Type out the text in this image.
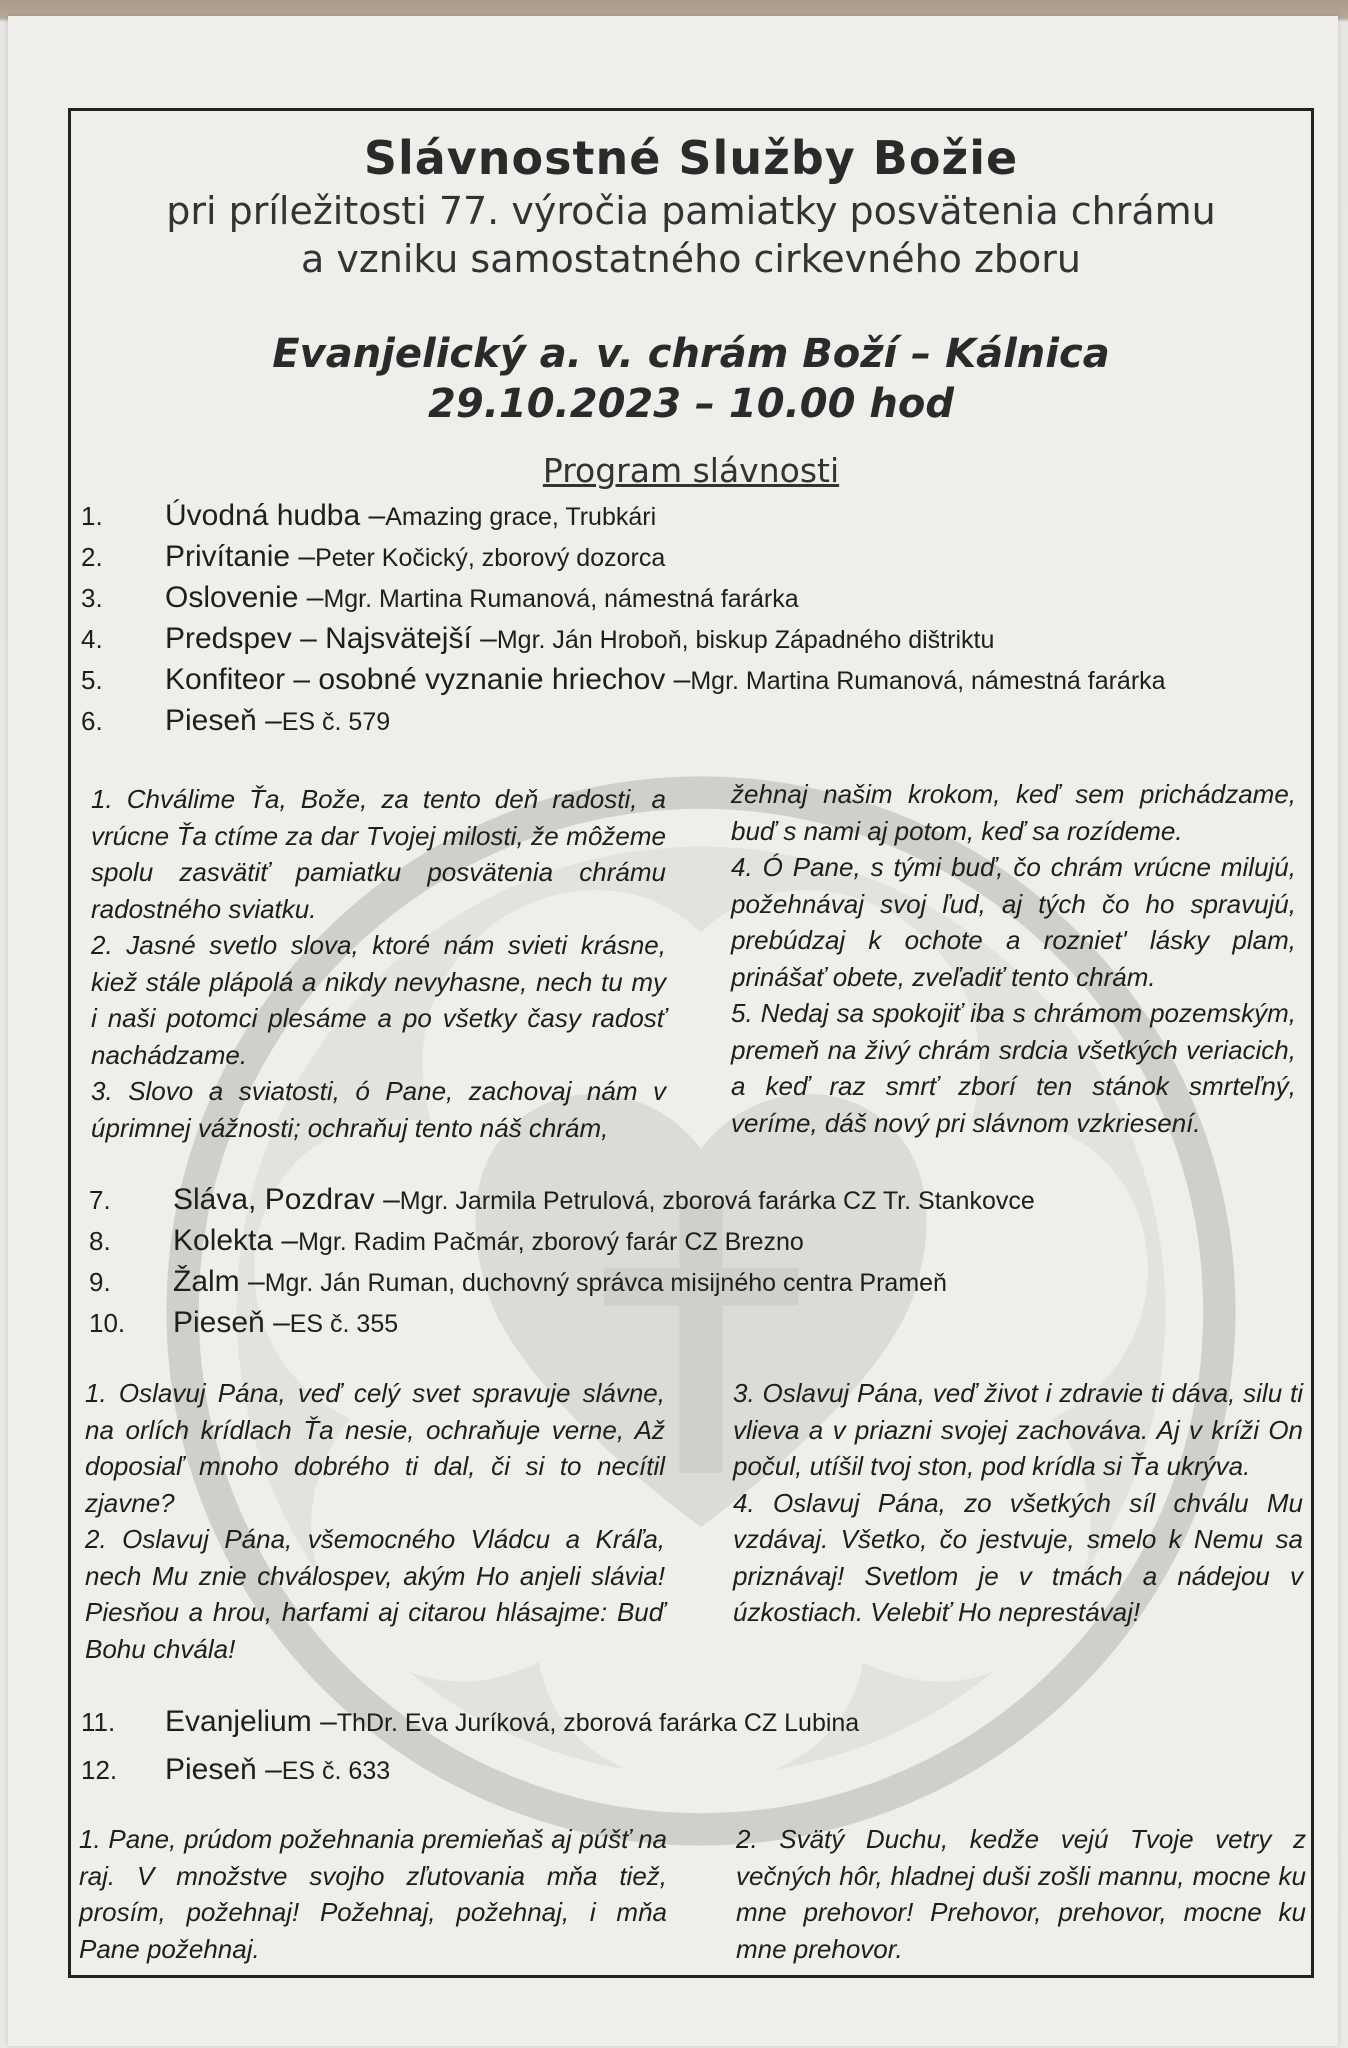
Slávnostné Služby Božie
pri príležitosti 77. výročia pamiatky posvätenia chrámu
a vzniku samostatného cirkevného zboru
Evanjelický a. v. chrám Boží – Kálnica
29.10.2023 – 10.00 hod
Program slávnosti
1.	Úvodná hudba – Amazing grace, Trubkári
2.	Privítanie – Peter Kočický, zborový dozorca
3.	Oslovenie – Mgr. Martina Rumanová, námestná farárka
4.	Predspev – Najsvätejší – Mgr. Ján Hroboň, biskup Západného dištriktu
5.	Konfiteor – osobné vyznanie hriechov – Mgr. Martina Rumanová, námestná farárka
6.	Pieseň – ES č. 579

1. Chválime Ťa, Bože, za tento deň radosti, a vrúcne Ťa ctíme za dar Tvojej milosti, že môžeme spolu zasvätiť pamiatku posvätenia chrámu radostného sviatku.

2. Jasné svetlo slova, ktoré nám svieti krásne, kiež stále plápolá a nikdy nevyhasne, nech tu my i naši potomci plesáme a po všetky časy radosť nachádzame.

3. Slovo a sviatosti, ó Pane, zachovaj nám v úprimnej vážnosti; ochraňuj tento náš chrám,

žehnaj našim krokom, keď sem prichádzame, buď s nami aj potom, keď sa rozídeme.

4. Ó Pane, s tými buď, čo chrám vrúcne milujú, požehnávaj svoj ľud, aj tých čo ho spravujú, prebúdzaj k ochote a rozniet' lásky plam, prinášať obete, zveľadiť tento chrám.

5. Nedaj sa spokojiť iba s chrámom pozemským, premeň na živý chrám srdcia všetkých veriacich, a keď raz smrť zborí ten stánok smrteľný, veríme, dáš nový pri slávnom vzkriesení.

7.	Sláva, Pozdrav – Mgr. Jarmila Petrulová, zborová farárka CZ Tr. Stankovce
8.	Kolekta – Mgr. Radim Pačmár, zborový farár CZ Brezno
9.	Žalm – Mgr. Ján Ruman, duchovný správca misijného centra Prameň
10.	Pieseň – ES č. 355

1. Oslavuj Pána, veď celý svet spravuje slávne, na orlích krídlach Ťa nesie, ochraňuje verne, Až doposiaľ mnoho dobrého ti dal, či si to necítil zjavne?

2. Oslavuj Pána, všemocného Vládcu a Kráľa, nech Mu znie chválospev, akým Ho anjeli slávia! Piesňou a hrou, harfami aj citarou hlásajme: Buď Bohu chvála!

3. Oslavuj Pána, veď život i zdravie ti dáva, silu ti vlieva a v priazni svojej zachováva. Aj v kríži On počul, utíšil tvoj ston, pod krídla si Ťa ukrýva.

4. Oslavuj Pána, zo všetkých síl chválu Mu vzdávaj. Všetko, čo jestvuje, smelo k Nemu sa priznávaj! Svetlom je v tmách a nádejou v úzkostiach. Velebiť Ho neprestávaj!

11.	Evanjelium – ThDr. Eva Juríková, zborová farárka CZ Lubina
12.	Pieseň – ES č. 633

1. Pane, prúdom požehnania premieňaš aj púšť na raj. V množstve svojho zľutovania mňa tiež, prosím, požehnaj! Požehnaj, požehnaj, i mňa Pane požehnaj.

2. Svätý Duchu, kedže vejú Tvoje vetry z večných hôr, hladnej duši zošli mannu, mocne ku mne prehovor! Prehovor, prehovor, mocne ku mne prehovor.
